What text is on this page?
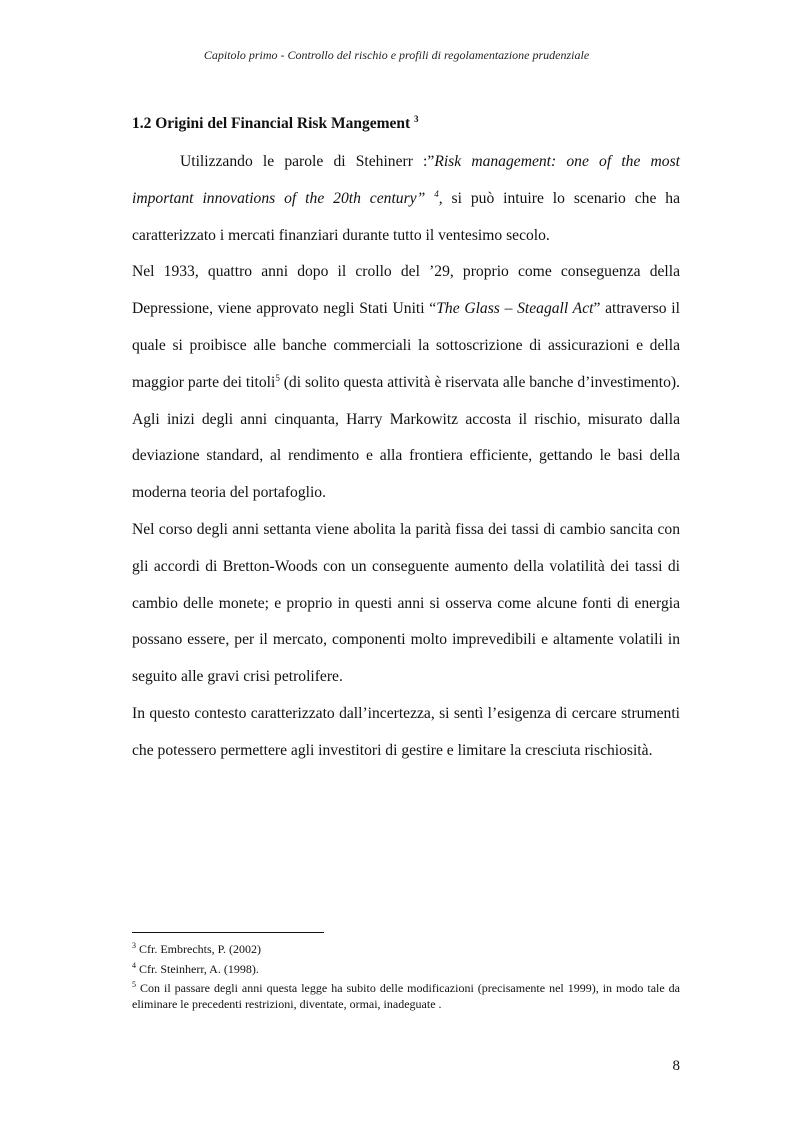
Capitolo primo - Controllo del rischio e profili di regolamentazione prudenziale
1.2 Origini del Financial Risk Mangement $^3$

Utilizzando le parole di Stehinerr :”Risk management: one of the most important innovations of the 20th century” $^4$, si può intuire lo scenario che ha caratterizzato i mercati finanziari durante tutto il ventesimo secolo.

Nel 1933, quattro anni dopo il crollo del ’29, proprio come conseguenza della Depressione, viene approvato negli Stati Uniti “The Glass – Steagall Act” attraverso il quale si proibisce alle banche commerciali la sottoscrizione di assicurazioni e della maggior parte dei titoli$^5$ (di solito questa attività è riservata alle banche d’investimento).

Agli inizi degli anni cinquanta, Harry Markowitz accosta il rischio, misurato dalla deviazione standard, al rendimento e alla frontiera efficiente, gettando le basi della moderna teoria del portafoglio.

Nel corso degli anni settanta viene abolita la parità fissa dei tassi di cambio sancita con gli accordi di Bretton-Woods con un conseguente aumento della volatilità dei tassi di cambio delle monete; e proprio in questi anni si osserva come alcune fonti di energia possano essere, per il mercato, componenti molto imprevedibili e altamente volatili in seguito alle gravi crisi petrolifere.

In questo contesto caratterizzato dall’incertezza, si sentì l’esigenza di cercare strumenti che potessero permettere agli investitori di gestire e limitare la cresciuta rischiosità.

$^3$ Cfr. Embrechts, P. (2002)

$^4$ Cfr. Steinherr, A. (1998).

$^5$ Con il passare degli anni questa legge ha subito delle modificazioni (precisamente nel 1999), in modo tale da eliminare le precedenti restrizioni, diventate, ormai, inadeguate .

8
